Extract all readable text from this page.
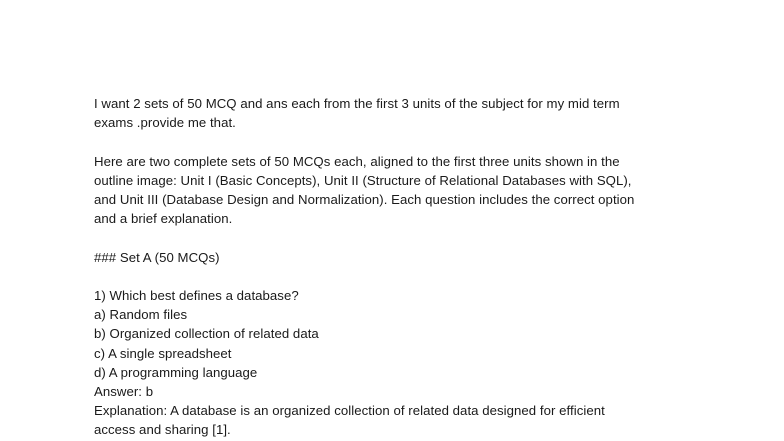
I want 2 sets of 50 MCQ and ans each from the first 3 units of the subject for my mid term
exams .provide me that.

Here are two complete sets of 50 MCQs each, aligned to the first three units shown in the
outline image: Unit I (Basic Concepts), Unit II (Structure of Relational Databases with SQL),
and Unit III (Database Design and Normalization). Each question includes the correct option
and a brief explanation.

### Set A (50 MCQs)

1) Which best defines a database?
a) Random files
b) Organized collection of related data
c) A single spreadsheet
d) A programming language
Answer: b
Explanation: A database is an organized collection of related data designed for efficient
access and sharing [1].
